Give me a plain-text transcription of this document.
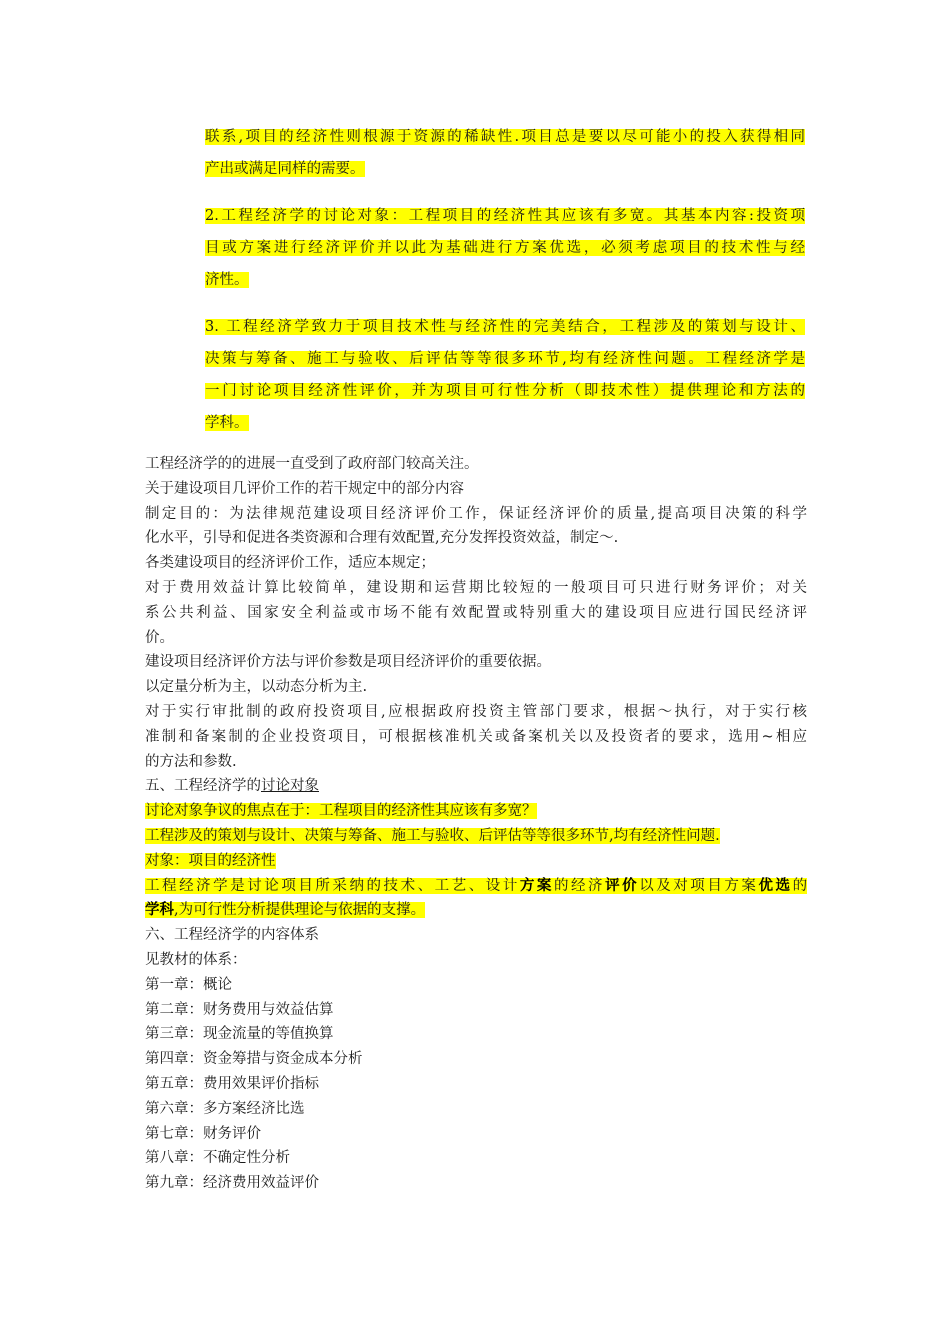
联系,项目的经济性则根源于资源的稀缺性.项目总是要以尽可能小的投入获得相同
产出或满足同样的需要。
2.工程经济学的讨论对象：工程项目的经济性其应该有多宽。其基本内容:投资项
目或方案进行经济评价并以此为基础进行方案优选，必须考虑项目的技术性与经
济性。
3. 工程经济学致力于项目技术性与经济性的完美结合，工程涉及的策划与设计、
决策与筹备、施工与验收、后评估等等很多环节,均有经济性问题。工程经济学是
一门讨论项目经济性评价，并为项目可行性分析（即技术性）提供理论和方法的
学科。
工程经济学的的进展一直受到了政府部门较高关注。
关于建设项目几评价工作的若干规定中的部分内容
制定目的：为法律规范建设项目经济评价工作，保证经济评价的质量,提高项目决策的科学
化水平，引导和促进各类资源和合理有效配置,充分发挥投资效益，制定～.
各类建设项目的经济评价工作，适应本规定；
对于费用效益计算比较简单，建设期和运营期比较短的一般项目可只进行财务评价；对关
系公共利益、国家安全利益或市场不能有效配置或特别重大的建设项目应进行国民经济评
价。
建设项目经济评价方法与评价参数是项目经济评价的重要依据。
以定量分析为主，以动态分析为主.
对于实行审批制的政府投资项目,应根据政府投资主管部门要求，根据～执行，对于实行核
准制和备案制的企业投资项目，可根据核准机关或备案机关以及投资者的要求，选用~相应
的方法和参数.
五、工程经济学的讨论对象
讨论对象争议的焦点在于：工程项目的经济性其应该有多宽？
工程涉及的策划与设计、决策与筹备、施工与验收、后评估等等很多环节,均有经济性问题.
对象：项目的经济性
工程经济学是讨论项目所采纳的技术、工艺、设计方案的经济评价以及对项目方案优选的
学科,为可行性分析提供理论与依据的支撑。
六、工程经济学的内容体系
见教材的体系：
第一章：概论
第二章：财务费用与效益估算
第三章：现金流量的等值换算
第四章：资金筹措与资金成本分析
第五章：费用效果评价指标
第六章：多方案经济比选
第七章：财务评价
第八章：不确定性分析
第九章：经济费用效益评价
